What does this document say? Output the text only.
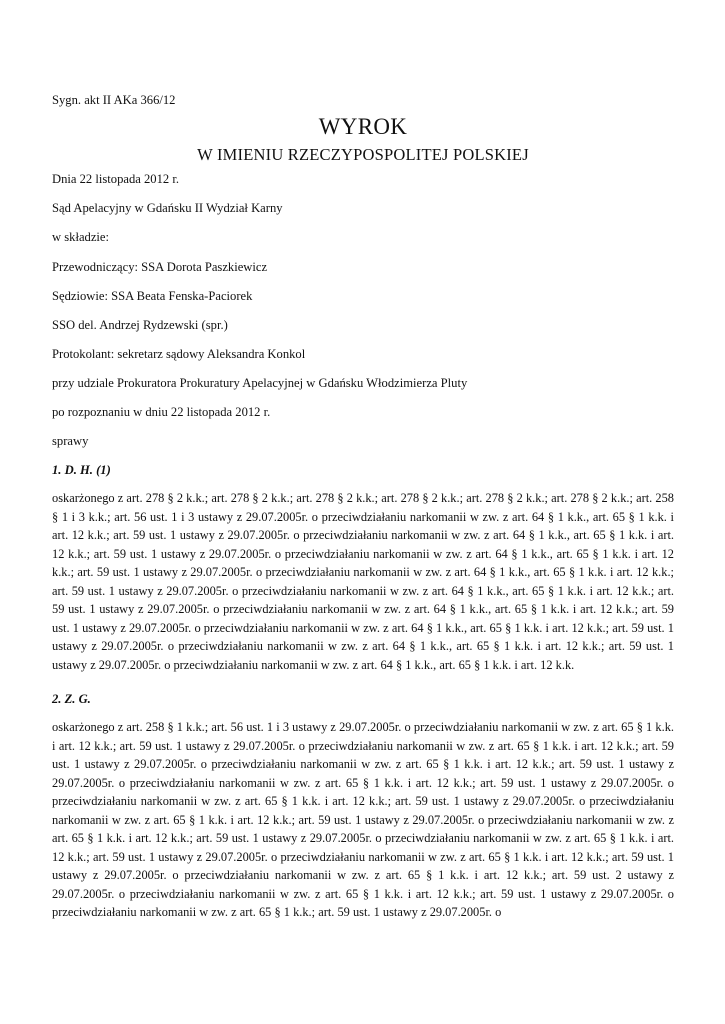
Sygn. akt II AKa 366/12
WYROK
W IMIENIU RZECZYPOSPOLITEJ POLSKIEJ
Dnia 22 listopada 2012 r.
Sąd Apelacyjny w Gdańsku II Wydział Karny
w składzie:
Przewodniczący: SSA Dorota Paszkiewicz
Sędziowie: SSA Beata Fenska-Paciorek
SSO del. Andrzej Rydzewski (spr.)
Protokolant: sekretarz sądowy Aleksandra Konkol
przy udziale Prokuratora Prokuratury Apelacyjnej w Gdańsku Włodzimierza Pluty
po rozpoznaniu w dniu 22 listopada 2012 r.
sprawy
1. D. H. (1)
oskarżonego z art. 278 § 2 k.k.; art. 278 § 2 k.k.; art. 278 § 2 k.k.; art. 278 § 2 k.k.; art. 278 § 2 k.k.; art. 278 § 2 k.k.; art. 258 § 1 i 3 k.k.; art. 56 ust. 1 i 3 ustawy z 29.07.2005r. o przeciwdziałaniu narkomanii w zw. z art. 64 § 1 k.k., art. 65 § 1 k.k. i art. 12 k.k.; art. 59 ust. 1 ustawy z 29.07.2005r. o przeciwdziałaniu narkomanii w zw. z art. 64 § 1 k.k., art. 65 § 1 k.k. i art. 12 k.k.; art. 59 ust. 1 ustawy z 29.07.2005r. o przeciwdziałaniu narkomanii w zw. z art. 64 § 1 k.k., art. 65 § 1 k.k. i art. 12 k.k.; art. 59 ust. 1 ustawy z 29.07.2005r. o przeciwdziałaniu narkomanii w zw. z art. 64 § 1 k.k., art. 65 § 1 k.k. i art. 12 k.k.; art. 59 ust. 1 ustawy z 29.07.2005r. o przeciwdziałaniu narkomanii w zw. z art. 64 § 1 k.k., art. 65 § 1 k.k. i art. 12 k.k.; art. 59 ust. 1 ustawy z 29.07.2005r. o przeciwdziałaniu narkomanii w zw. z art. 64 § 1 k.k., art. 65 § 1 k.k. i art. 12 k.k.; art. 59 ust. 1 ustawy z 29.07.2005r. o przeciwdziałaniu narkomanii w zw. z art. 64 § 1 k.k., art. 65 § 1 k.k. i art. 12 k.k.; art. 59 ust. 1 ustawy z 29.07.2005r. o przeciwdziałaniu narkomanii w zw. z art. 64 § 1 k.k., art. 65 § 1 k.k. i art. 12 k.k.; art. 59 ust. 1 ustawy z 29.07.2005r. o przeciwdziałaniu narkomanii w zw. z art. 64 § 1 k.k., art. 65 § 1 k.k. i art. 12 k.k.
2. Z. G.
oskarżonego z art. 258 § 1 k.k.; art. 56 ust. 1 i 3 ustawy z 29.07.2005r. o przeciwdziałaniu narkomanii w zw. z art. 65 § 1 k.k. i art. 12 k.k.; art. 59 ust. 1 ustawy z 29.07.2005r. o przeciwdziałaniu narkomanii w zw. z art. 65 § 1 k.k. i art. 12 k.k.; art. 59 ust. 1 ustawy z 29.07.2005r. o przeciwdziałaniu narkomanii w zw. z art. 65 § 1 k.k. i art. 12 k.k.; art. 59 ust. 1 ustawy z 29.07.2005r. o przeciwdziałaniu narkomanii w zw. z art. 65 § 1 k.k. i art. 12 k.k.; art. 59 ust. 1 ustawy z 29.07.2005r. o przeciwdziałaniu narkomanii w zw. z art. 65 § 1 k.k. i art. 12 k.k.; art. 59 ust. 1 ustawy z 29.07.2005r. o przeciwdziałaniu narkomanii w zw. z art. 65 § 1 k.k. i art. 12 k.k.; art. 59 ust. 1 ustawy z 29.07.2005r. o przeciwdziałaniu narkomanii w zw. z art. 65 § 1 k.k. i art. 12 k.k.; art. 59 ust. 1 ustawy z 29.07.2005r. o przeciwdziałaniu narkomanii w zw. z art. 65 § 1 k.k. i art. 12 k.k.; art. 59 ust. 1 ustawy z 29.07.2005r. o przeciwdziałaniu narkomanii w zw. z art. 65 § 1 k.k. i art. 12 k.k.; art. 59 ust. 1 ustawy z 29.07.2005r. o przeciwdziałaniu narkomanii w zw. z art. 65 § 1 k.k. i art. 12 k.k.; art. 59 ust. 2 ustawy z 29.07.2005r. o przeciwdziałaniu narkomanii w zw. z art. 65 § 1 k.k. i art. 12 k.k.; art. 59 ust. 1 ustawy z 29.07.2005r. o przeciwdziałaniu narkomanii w zw. z art. 65 § 1 k.k.; art. 59 ust. 1 ustawy z 29.07.2005r. o
